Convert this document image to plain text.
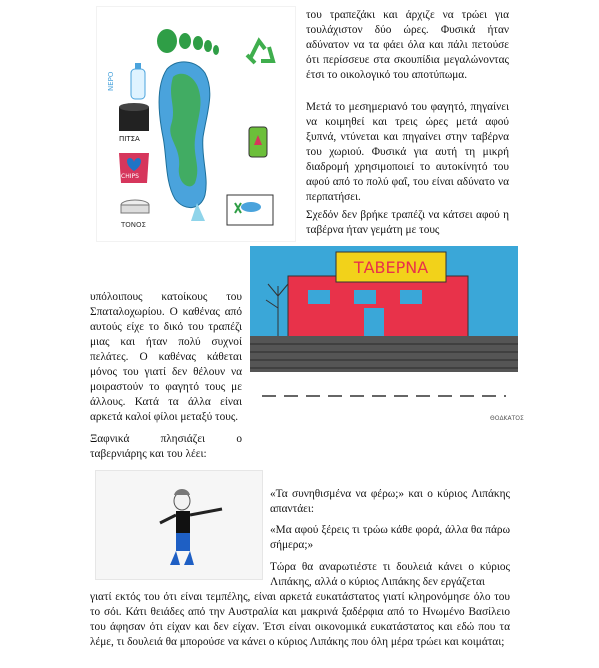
ΝΕΡΟ
ΠΙΤΣΑ
CHIPS
ΤΟΝΟΣ

του τραπεζάκι και άρχιζε να τρώει για τουλάχιστον δύο ώρες. Φυσικά ήταν αδύνατον να τα φάει όλα και πάλι πετούσε ότι περίσσευε στα σκουπίδια μεγαλώνοντας έτσι το οικολογικό του αποτύπωμα.

Μετά το μεσημεριανό του φαγητό, πηγαίνει να κοιμηθεί και τρεις ώρες μετά αφού ξυπνά, ντύνεται και πηγαίνει στην ταβέρνα του χωριού. Φυσικά για αυτή τη μικρή διαδρομή χρησιμοποιεί το αυτοκίνητό του αφού από το πολύ φαΐ, του είναι αδύνατο να περπατήσει.

Σχεδόν δεν βρήκε τραπέζι να κάτσει αφού η ταβέρνα ήταν γεμάτη με τους

ΤΑΒΕΡΝΑ
ΘΟΔΚΑΤΟΣ

υπόλοιπους κατοίκους του Σπαταλοχωρίου. Ο καθένας από αυτούς είχε το δικό του τραπέζι μιας και ήταν πολύ συχνοί πελάτες. Ο καθένας κάθεται μόνος του γιατί δεν θέλουν να μοιραστούν το φαγητό τους με άλλους. Κατά τα άλλα είναι αρκετά καλοί φίλοι μεταξύ τους.

Ξαφνικά πλησιάζει ο ταβερνιάρης και του λέει:

«Τα συνηθισμένα να φέρω;» και ο κύριος Λιπάκης απαντάει:

«Μα αφού ξέρεις τι τρώω κάθε φορά, άλλα θα πάρω σήμερα;»

Τώρα θα αναρωτιέστε τι δουλειά κάνει ο κύριος Λιπάκης, αλλά ο κύριος Λιπάκης δεν εργάζεται

γιατί εκτός του ότι είναι τεμπέλης, είναι αρκετά ευκατάστατος γιατί κληρονόμησε όλο του το σόι. Κάτι θειάδες από την Αυστραλία και μακρινά ξαδέρφια από το Ηνωμένο Βασίλειο του άφησαν ότι είχαν και δεν είχαν. Έτσι είναι οικονομικά ευκατάστατος και εδώ που τα λέμε, τι δουλειά θα μπορούσε να κάνει ο κύριος Λιπάκης που όλη μέρα τρώει και κοιμάται;
